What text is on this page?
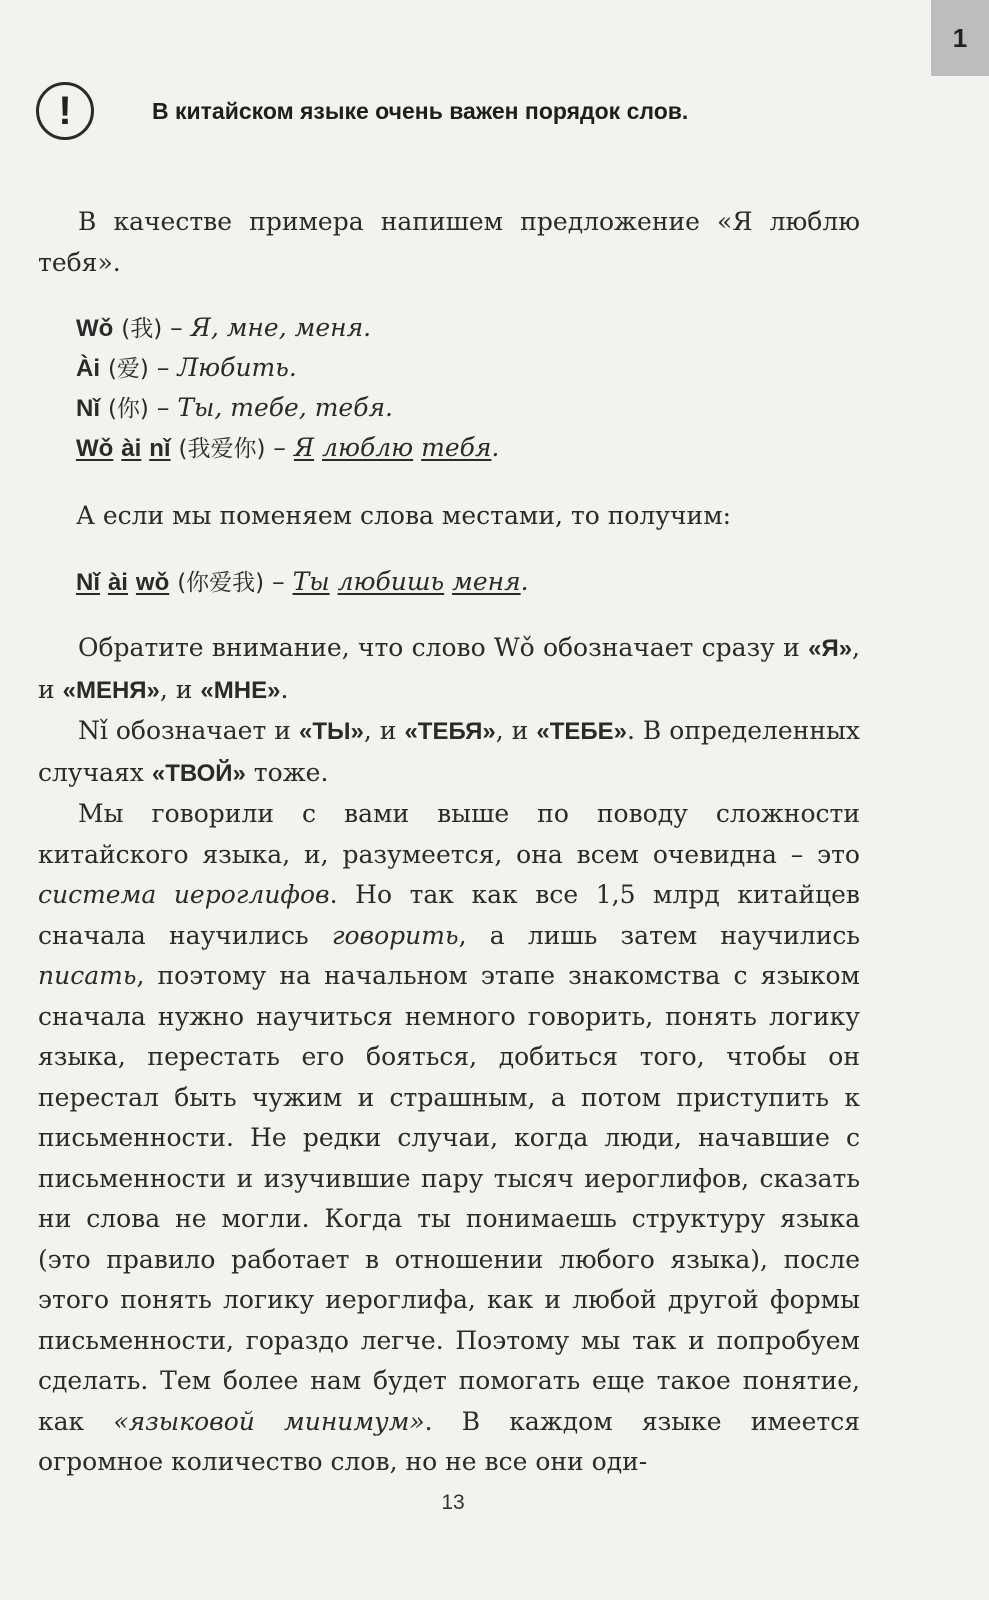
1
!	В китайском языке очень важен порядок слов.
В качестве примера напишем предложение «Я люблю тебя».
Wǒ (我) – Я, мне, меня.
Ài (爱) – Любить.
Nǐ (你) – Ты, тебе, тебя.
Wǒ ài nǐ (我爱你) – Я люблю тебя.
А если мы поменяем слова местами, то получим:
Nǐ ài wǒ (你爱我) – Ты любишь меня.
Обратите внимание, что слово Wǒ обозначает сразу и «Я», и «МЕНЯ», и «МНЕ».
Nǐ обозначает и «ТЫ», и «ТЕБЯ», и «ТЕБЕ». В определенных случаях «ТВОЙ» тоже.
Мы говорили с вами выше по поводу сложности китайского языка, и, разумеется, она всем очевидна – это система иероглифов. Но так как все 1,5 млрд китайцев сначала научились говорить, а лишь затем научились писать, поэтому на начальном этапе знакомства с языком сначала нужно научиться немного говорить, понять логику языка, перестать его бояться, добиться того, чтобы он перестал быть чужим и страшным, а потом приступить к письменности. Не редки случаи, когда люди, начавшие с письменности и изучившие пару тысяч иероглифов, сказать ни слова не могли. Когда ты понимаешь структуру языка (это правило работает в отношении любого языка), после этого понять логику иероглифа, как и любой другой формы письменности, гораздо легче. Поэтому мы так и попробуем сделать. Тем более нам будет помогать еще такое понятие, как «языковой минимум». В каждом языке имеется огромное количество слов, но не все они оди-
13
